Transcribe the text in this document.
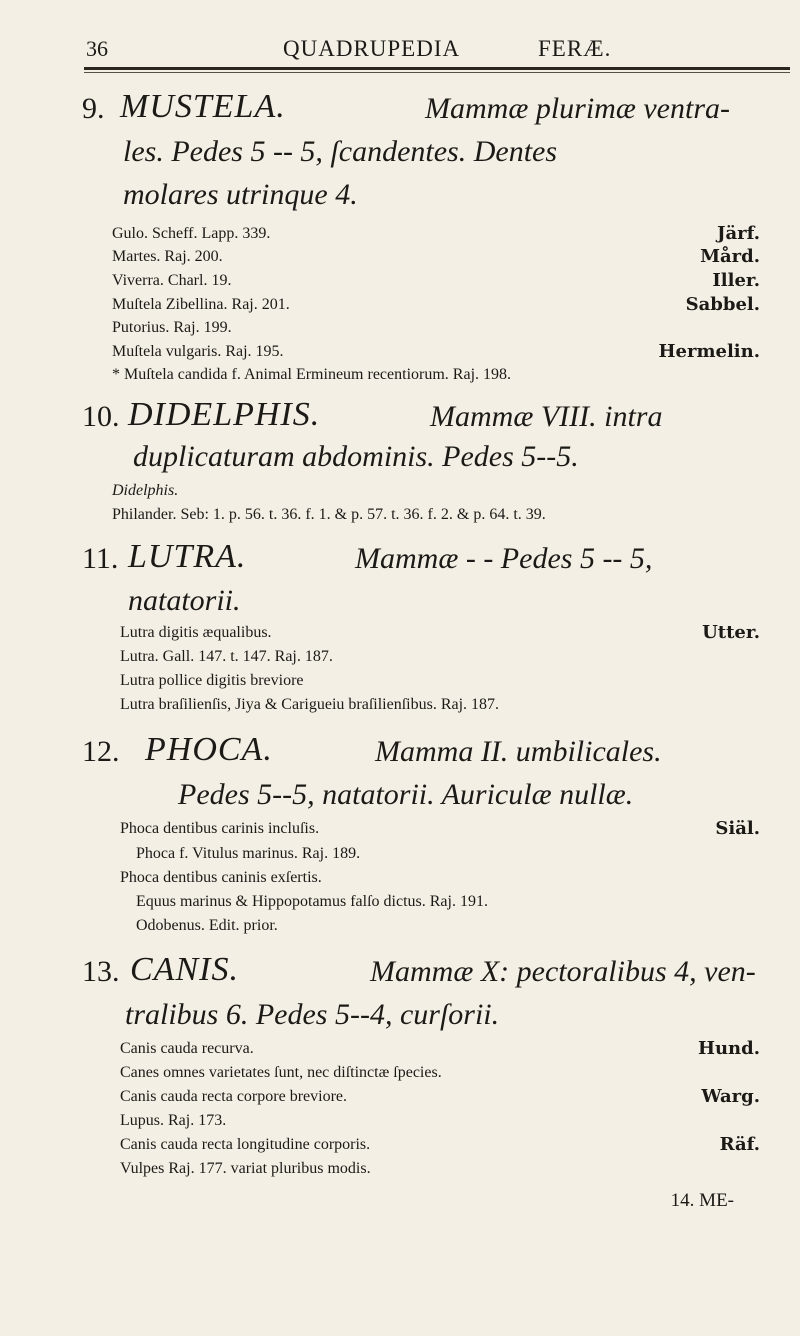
36	QUADRUPEDIA	FERÆ.
9. MUSTELA.	Mammæ plurimæ ventra-
les. Pedes 5 -- 5, ſcandentes. Dentes
molares utrinque 4.
Gulo. Scheff. Lapp. 339.	Järf.
Martes. Raj. 200.	Mård.
Viverra. Charl. 19.	Iller.
Muſtela Zibellina. Raj. 201.	Sabbel.
Putorius. Raj. 199.
Muſtela vulgaris. Raj. 195.	Hermelin.
* Muſtela candida f. Animal Ermineum recentiorum. Raj. 198.
10. DIDELPHIS.	Mammæ VIII. intra
duplicaturam abdominis. Pedes 5--5.
Didelphis.
Philander. Seb: 1. p. 56. t. 36. f. 1. & p. 57. t. 36. f. 2. & p. 64. t. 39.
11. LUTRA.	Mammæ - - Pedes 5 -- 5,
natatorii.
Lutra digitis æqualibus.	Utter.
Lutra. Gall. 147. t. 147. Raj. 187.
Lutra pollice digitis breviore
Lutra braſilienſis, Jiya & Carigueiu braſilienſibus. Raj. 187.
12. PHOCA.	Mamma II. umbilicales.
Pedes 5--5, natatorii. Auriculæ nullæ.
Phoca dentibus carinis incluſis.	Siäl.
Phoca f. Vitulus marinus. Raj. 189.
Phoca dentibus caninis exſertis.
Equus marinus & Hippopotamus falſo dictus. Raj. 191.
Odobenus. Edit. prior.
13. CANIS.	Mammæ X: pectoralibus 4, ven-
tralibus 6. Pedes 5--4, curſorii.
Canis cauda recurva.	Hund.
Canes omnes varietates ſunt, nec diſtinctæ ſpecies.
Canis cauda recta corpore breviore.	Warg.
Lupus. Raj. 173.
Canis cauda recta longitudine corporis.	Räf.
Vulpes Raj. 177. variat pluribus modis.
14. ME-
